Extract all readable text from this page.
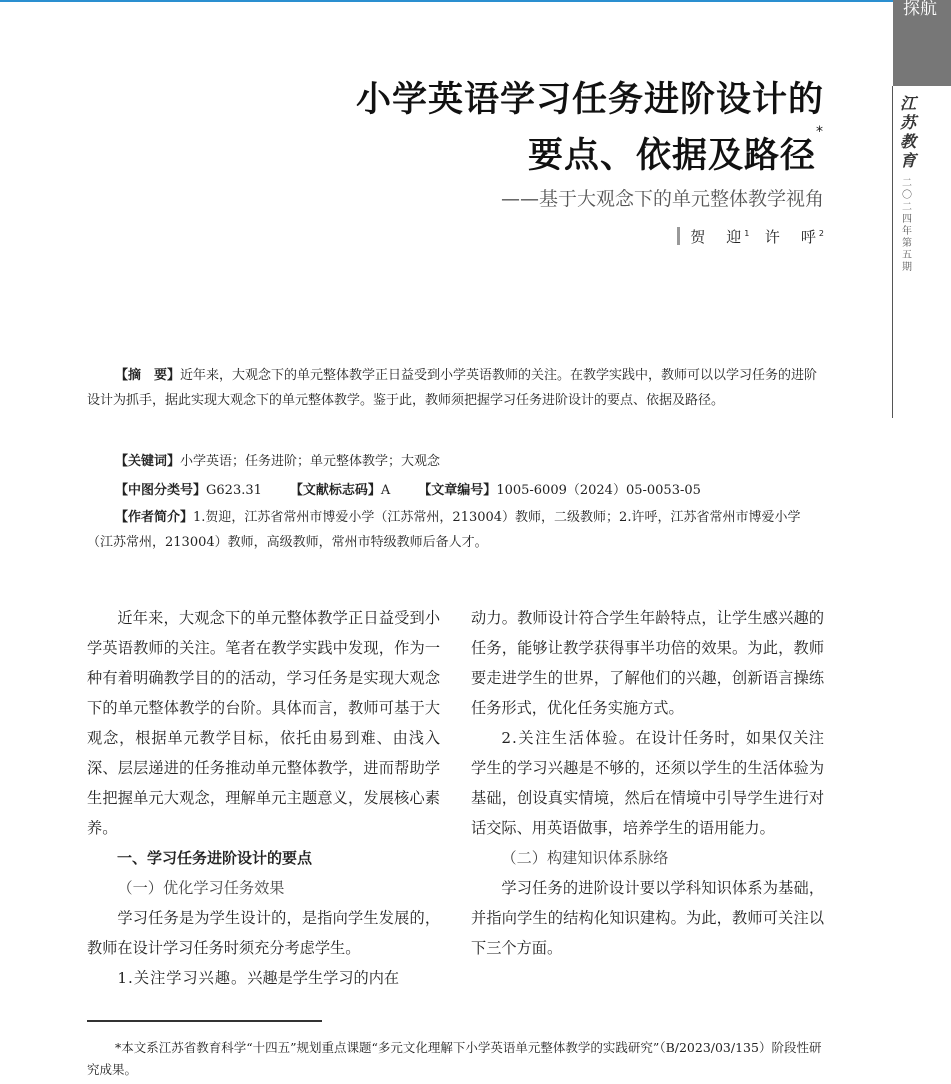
探航
江苏教育
二〇二四年第五期
小学英语学习任务进阶设计的
要点、依据及路径*
——基于大观念下的单元整体教学视角
贺　迎$^1$ 许　呼$^2$

【摘　要】近年来，大观念下的单元整体教学正日益受到小学英语教师的关注。在教学实践中，教师可以以学习任务的进阶设计为抓手，据此实现大观念下的单元整体教学。鉴于此，教师须把握学习任务进阶设计的要点、依据及路径。

【关键词】小学英语；任务进阶；单元整体教学；大观念

【中图分类号】G623.31 【文献标志码】A 【文章编号】1005-6009（2024）05-0053-05

【作者简介】1.贺迎，江苏省常州市博爱小学（江苏常州，213004）教师，二级教师；2.许呼，江苏省常州市博爱小学（江苏常州，213004）教师，高级教师，常州市特级教师后备人才。

近年来，大观念下的单元整体教学正日益受到小学英语教师的关注。笔者在教学实践中发现，作为一种有着明确教学目的的活动，学习任务是实现大观念下的单元整体教学的台阶。具体而言，教师可基于大观念，根据单元教学目标，依托由易到难、由浅入深、层层递进的任务推动单元整体教学，进而帮助学生把握单元大观念，理解单元主题意义，发展核心素养。

一、学习任务进阶设计的要点

（一）优化学习任务效果

学习任务是为学生设计的，是指向学生发展的，教师在设计学习任务时须充分考虑学生。

1.关注学习兴趣。兴趣是学生学习的内在

动力。教师设计符合学生年龄特点，让学生感兴趣的任务，能够让教学获得事半功倍的效果。为此，教师要走进学生的世界，了解他们的兴趣，创新语言操练任务形式，优化任务实施方式。

2.关注生活体验。在设计任务时，如果仅关注学生的学习兴趣是不够的，还须以学生的生活体验为基础，创设真实情境，然后在情境中引导学生进行对话交际、用英语做事，培养学生的语用能力。

（二）构建知识体系脉络

学习任务的进阶设计要以学科知识体系为基础，并指向学生的结构化知识建构。为此，教师可关注以下三个方面。

*本文系江苏省教育科学“十四五”规划重点课题“多元文化理解下小学英语单元整体教学的实践研究”（B/2023/03/135）阶段性研究成果。
